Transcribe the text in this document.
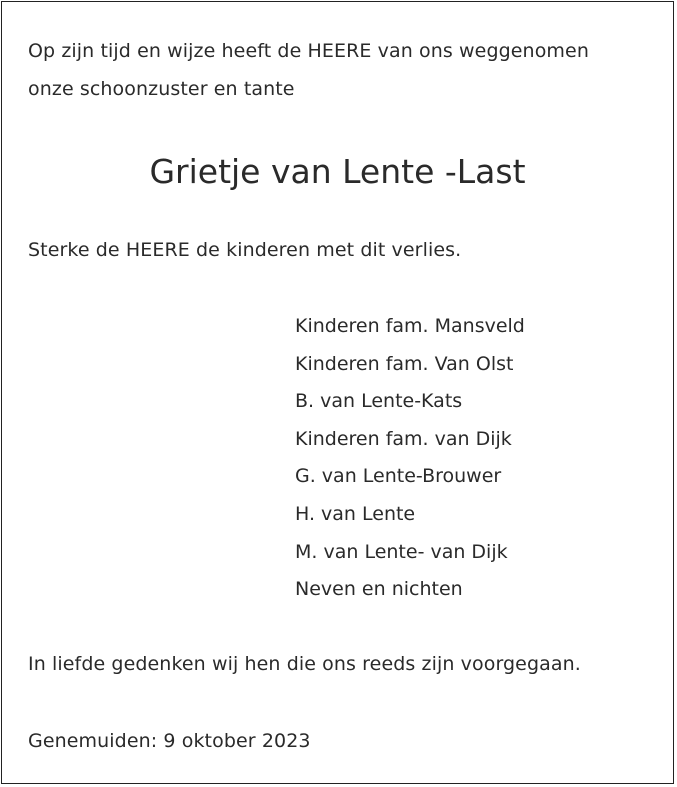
Op zijn tijd en wijze heeft de HEERE van ons weggenomen
onze schoonzuster en tante
Grietje van Lente -Last
Sterke de HEERE de kinderen met dit verlies.
Kinderen fam. Mansveld
Kinderen fam. Van Olst
B. van Lente-Kats
Kinderen fam. van Dijk
G. van Lente-Brouwer
H. van Lente
M. van Lente- van Dijk
Neven en nichten
In liefde gedenken wij hen die ons reeds zijn voorgegaan.
Genemuiden: 9 oktober 2023
